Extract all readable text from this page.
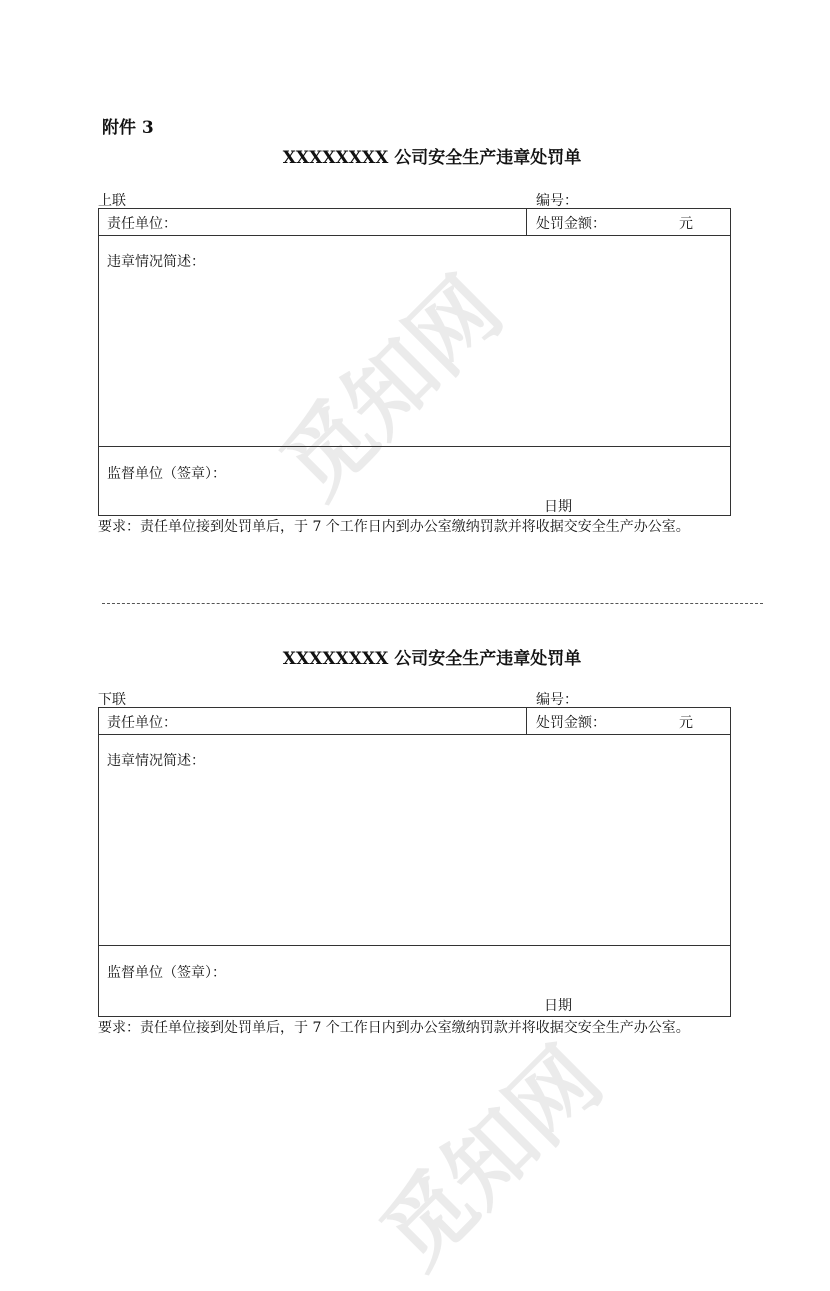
觅知网
觅知网
附件 3
XXXXXXXX 公司安全生产违章处罚单
上联	编号：
责任单位：	处罚金额：	元
违章情况简述：
监督单位（签章）：
日期
要求：责任单位接到处罚单后，于 7 个工作日内到办公室缴纳罚款并将收据交安全生产办公室。
XXXXXXXX 公司安全生产违章处罚单
下联	编号：
责任单位：	处罚金额：	元
违章情况简述：
监督单位（签章）：
日期
要求：责任单位接到处罚单后，于 7 个工作日内到办公室缴纳罚款并将收据交安全生产办公室。
